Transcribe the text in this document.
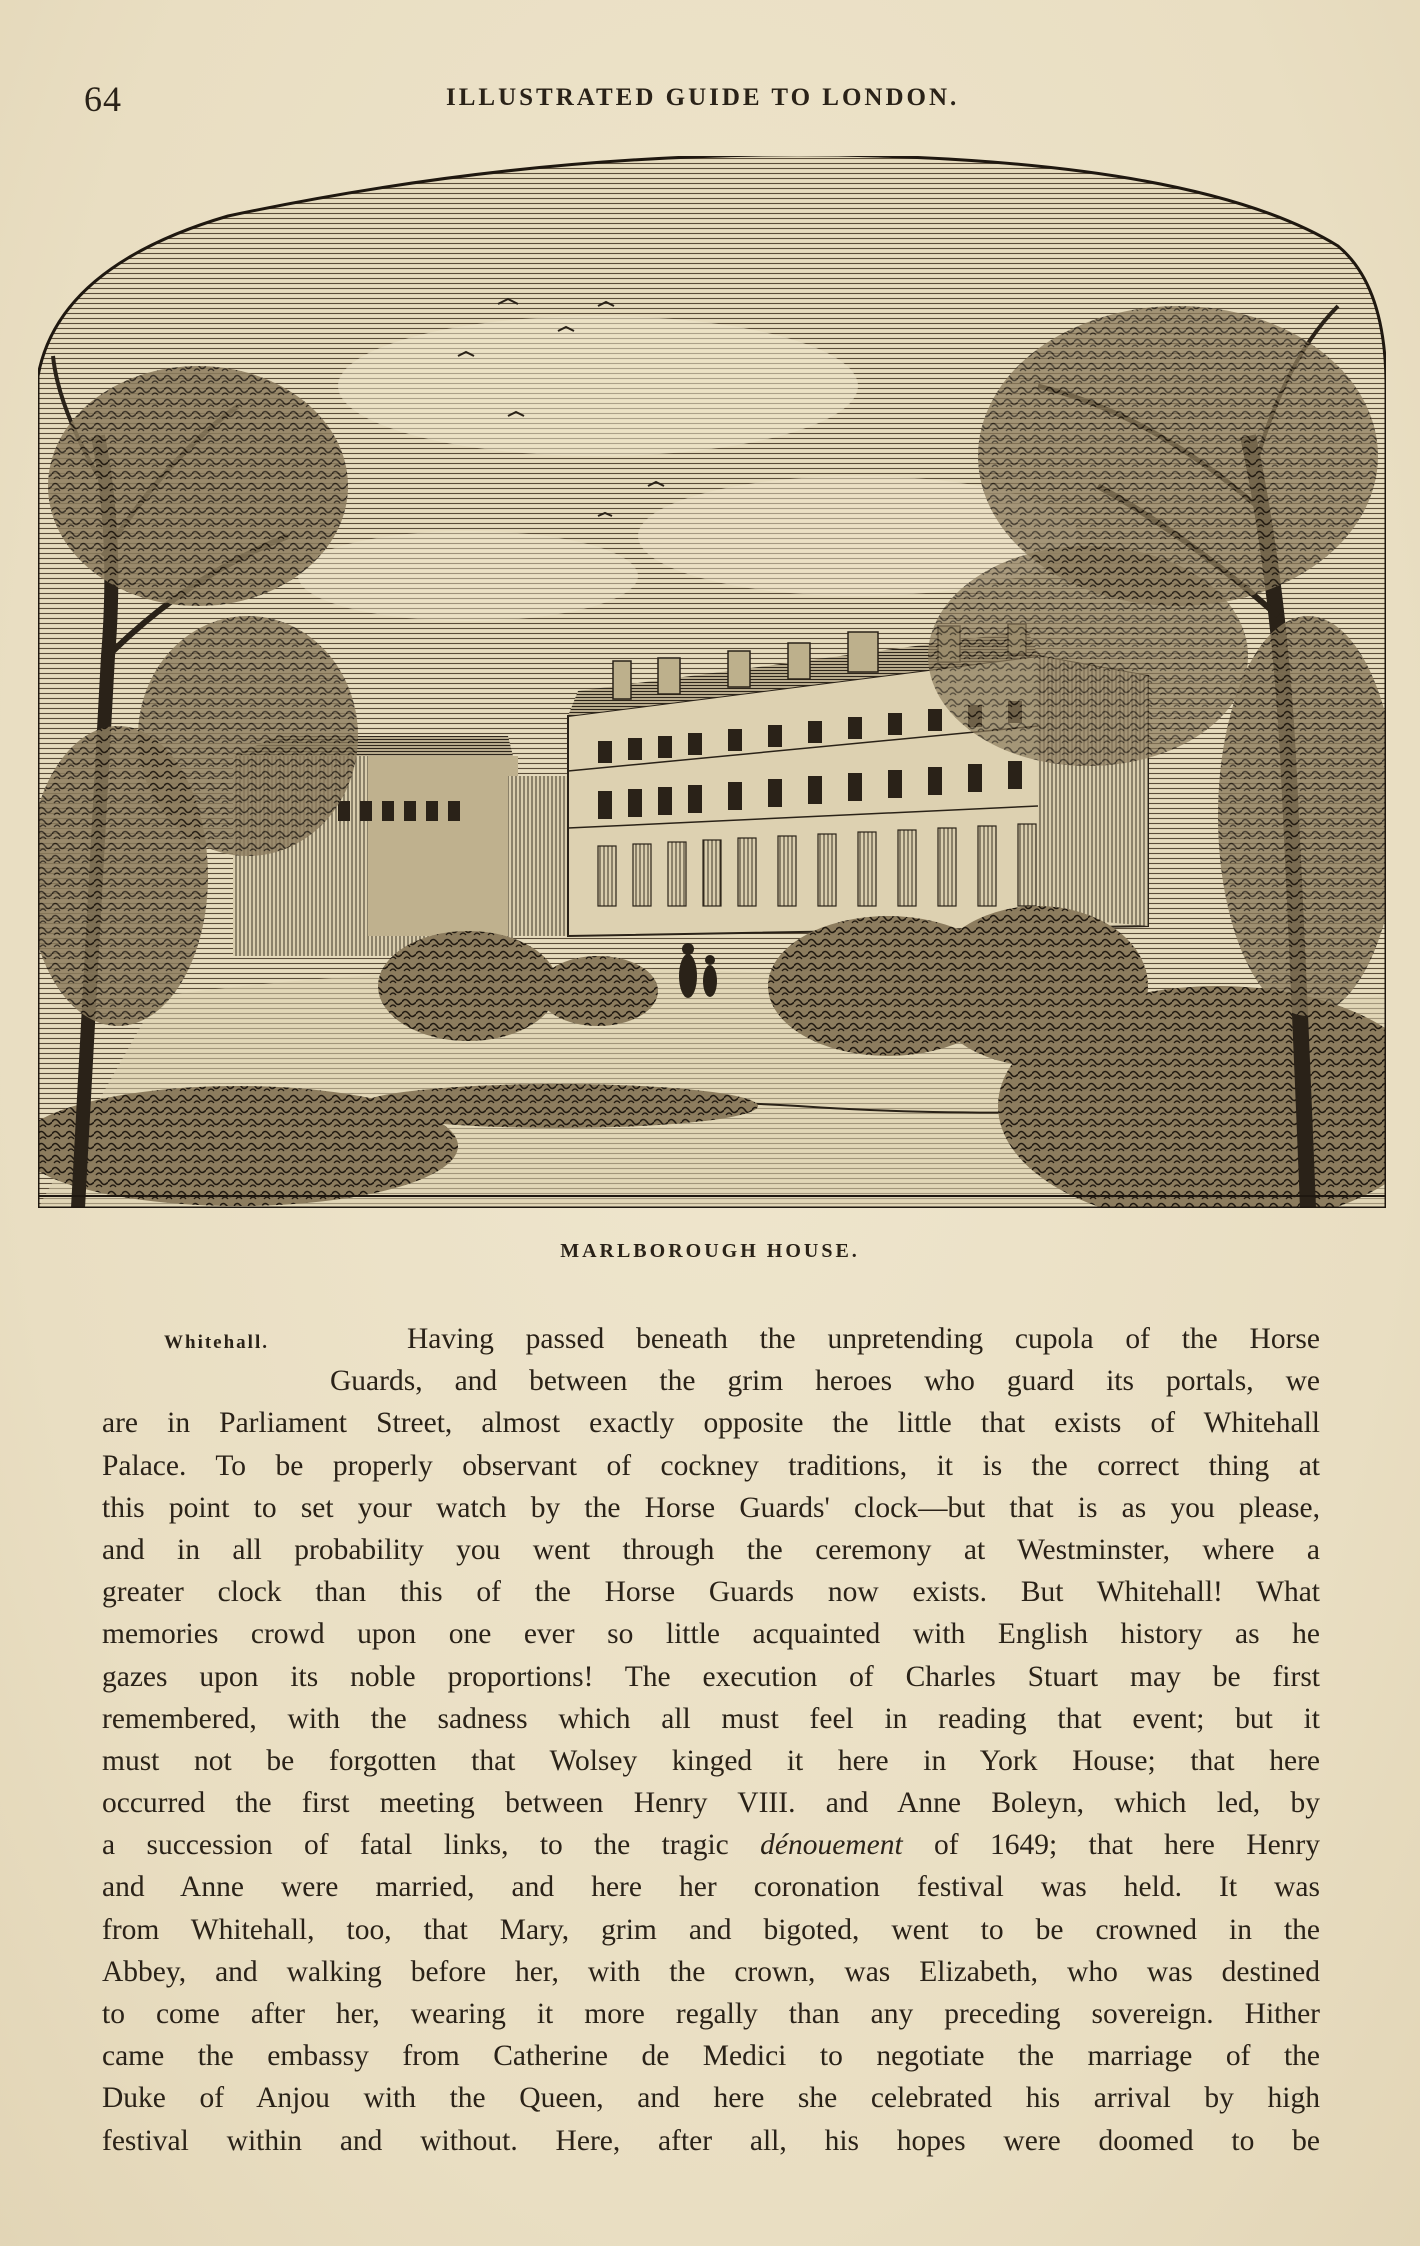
64	ILLUSTRATED GUIDE TO LONDON.
MARLBOROUGH HOUSE.
Whitehall.	Having passed beneath the unpretending cupola of the Horse
Guards, and between the grim heroes who guard its portals, we
are in Parliament Street, almost exactly opposite the little that exists of Whitehall
Palace. To be properly observant of cockney traditions, it is the correct thing at
this point to set your watch by the Horse Guards' clock—but that is as you please,
and in all probability you went through the ceremony at Westminster, where a
greater clock than this of the Horse Guards now exists. But Whitehall! What
memories crowd upon one ever so little acquainted with English history as he
gazes upon its noble proportions! The execution of Charles Stuart may be first
remembered, with the sadness which all must feel in reading that event; but it
must not be forgotten that Wolsey kinged it here in York House; that here
occurred the first meeting between Henry VIII. and Anne Boleyn, which led, by
a succession of fatal links, to the tragic dénouement of 1649; that here Henry
and Anne were married, and here her coronation festival was held. It was
from Whitehall, too, that Mary, grim and bigoted, went to be crowned in the
Abbey, and walking before her, with the crown, was Elizabeth, who was destined
to come after her, wearing it more regally than any preceding sovereign. Hither
came the embassy from Catherine de Medici to negotiate the marriage of the
Duke of Anjou with the Queen, and here she celebrated his arrival by high
festival within and without. Here, after all, his hopes were doomed to be
